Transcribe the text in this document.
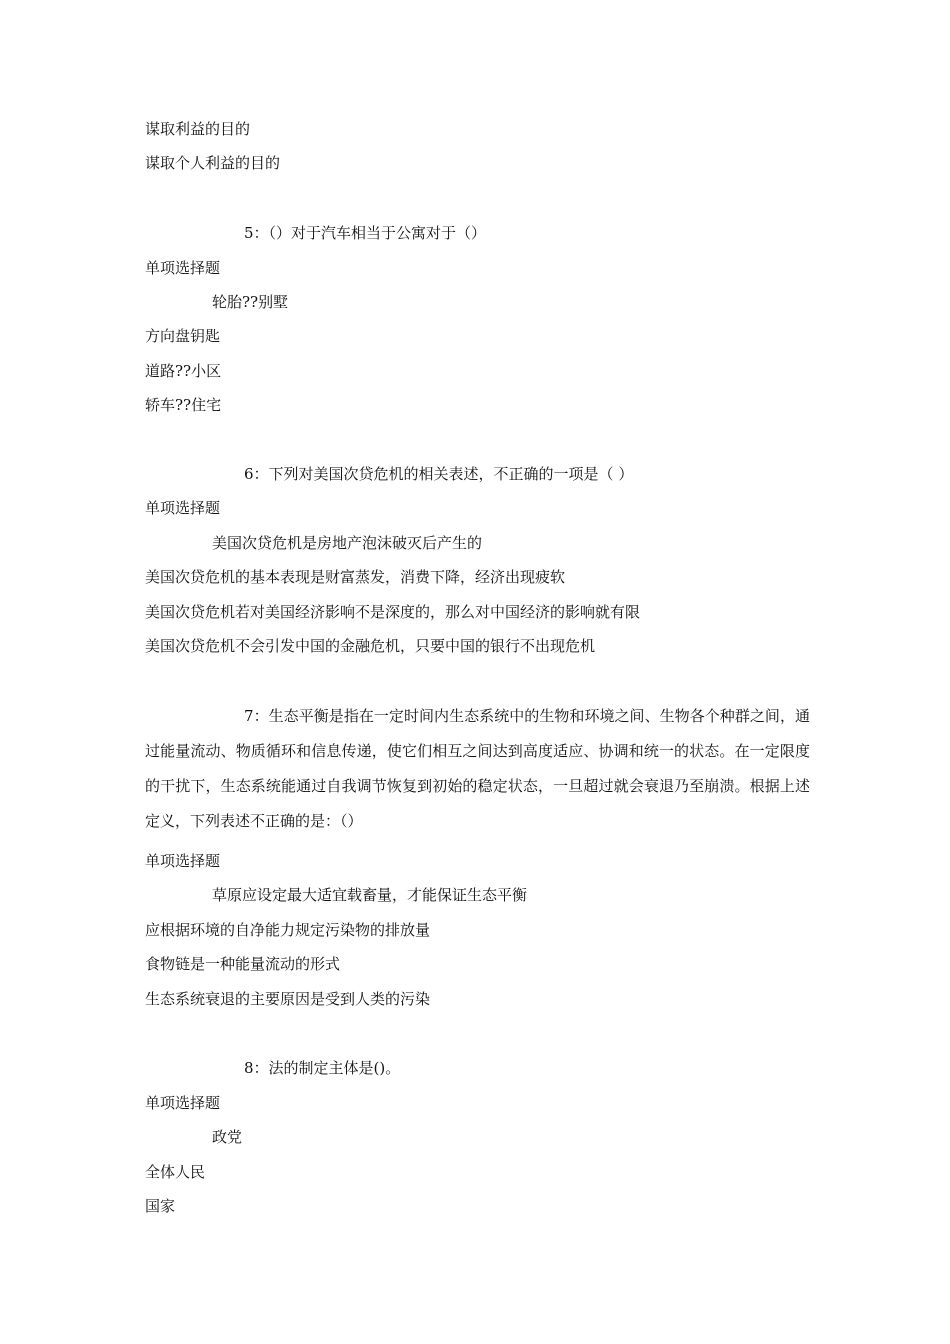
谋取利益的目的
谋取个人利益的目的
5：（）对于汽车相当于公寓对于（）
单项选择题
轮胎??别墅
方向盘钥匙
道路??小区
轿车??住宅
6：下列对美国次贷危机的相关表述，不正确的一项是（ ）
单项选择题
美国次贷危机是房地产泡沫破灭后产生的
美国次贷危机的基本表现是财富蒸发，消费下降，经济出现疲软
美国次贷危机若对美国经济影响不是深度的，那么对中国经济的影响就有限
美国次贷危机不会引发中国的金融危机，只要中国的银行不出现危机
7：生态平衡是指在一定时间内生态系统中的生物和环境之间、生物各个种群之间，通过能量流动、物质循环和信息传递，使它们相互之间达到高度适应、协调和统一的状态。在一定限度的干扰下，生态系统能通过自我调节恢复到初始的稳定状态，一旦超过就会衰退乃至崩溃。根据上述定义，下列表述不正确的是：（）
单项选择题
草原应设定最大适宜载畜量，才能保证生态平衡
应根据环境的自净能力规定污染物的排放量
食物链是一种能量流动的形式
生态系统衰退的主要原因是受到人类的污染
8：法的制定主体是()。
单项选择题
政党
全体人民
国家
